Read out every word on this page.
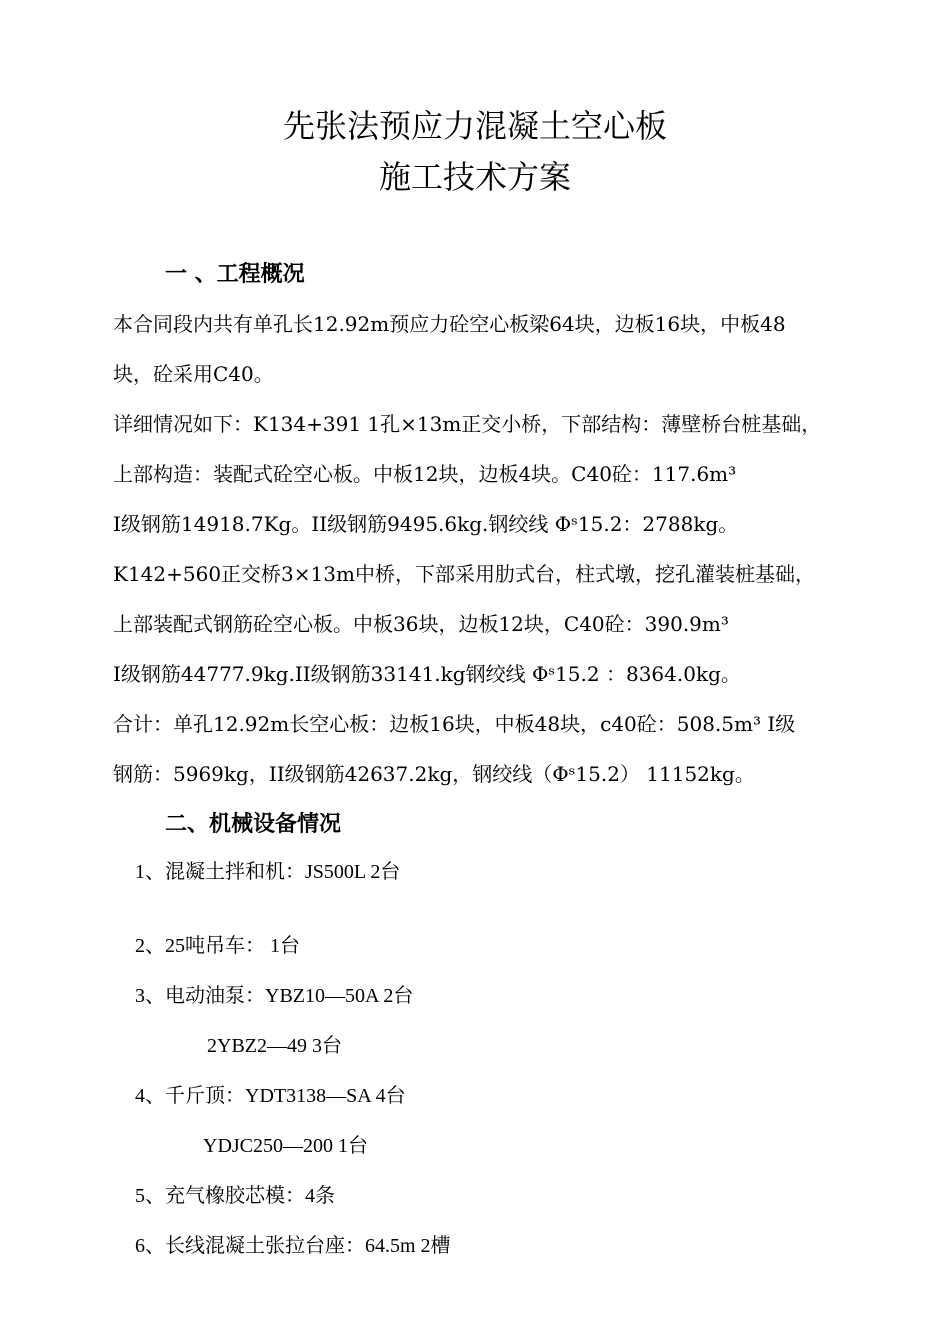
先张法预应力混凝土空心板
施工技术方案
一 、工程概况
本合同段内共有单孔长12.92m预应力砼空心板梁64块，边板16块，中板48
块，砼采用C40。
详细情况如下：K134+391 1孔×13m正交小桥，下部结构：薄壁桥台桩基础，
上部构造：装配式砼空心板。中板12块，边板4块。C40砼：117.6m³
I级钢筋14918.7Kg。II级钢筋9495.6kg.钢绞线 Φˢ15.2：2788kg。
K142+560正交桥3×13m中桥，下部采用肋式台，柱式墩，挖孔灌装桩基础，
上部装配式钢筋砼空心板。中板36块，边板12块，C40砼：390.9m³
I级钢筋44777.9kg.II级钢筋33141.kg钢绞线 Φˢ15.2 ：8364.0kg。
合计：单孔12.92m长空心板：边板16块，中板48块，c40砼：508.5m³ I级
钢筋：5969kg，II级钢筋42637.2kg，钢绞线（Φˢ15.2） 11152kg。
二、机械设备情况
1、混凝土拌和机：JS500L 2台
2、25吨吊车： 1台
3、电动油泵：YBZ10—50A 2台
2YBZ2—49 3台
4、千斤顶：YDT3138—SA 4台
YDJC250—200 1台
5、充气橡胶芯模：4条
6、长线混凝土张拉台座：64.5m 2槽
